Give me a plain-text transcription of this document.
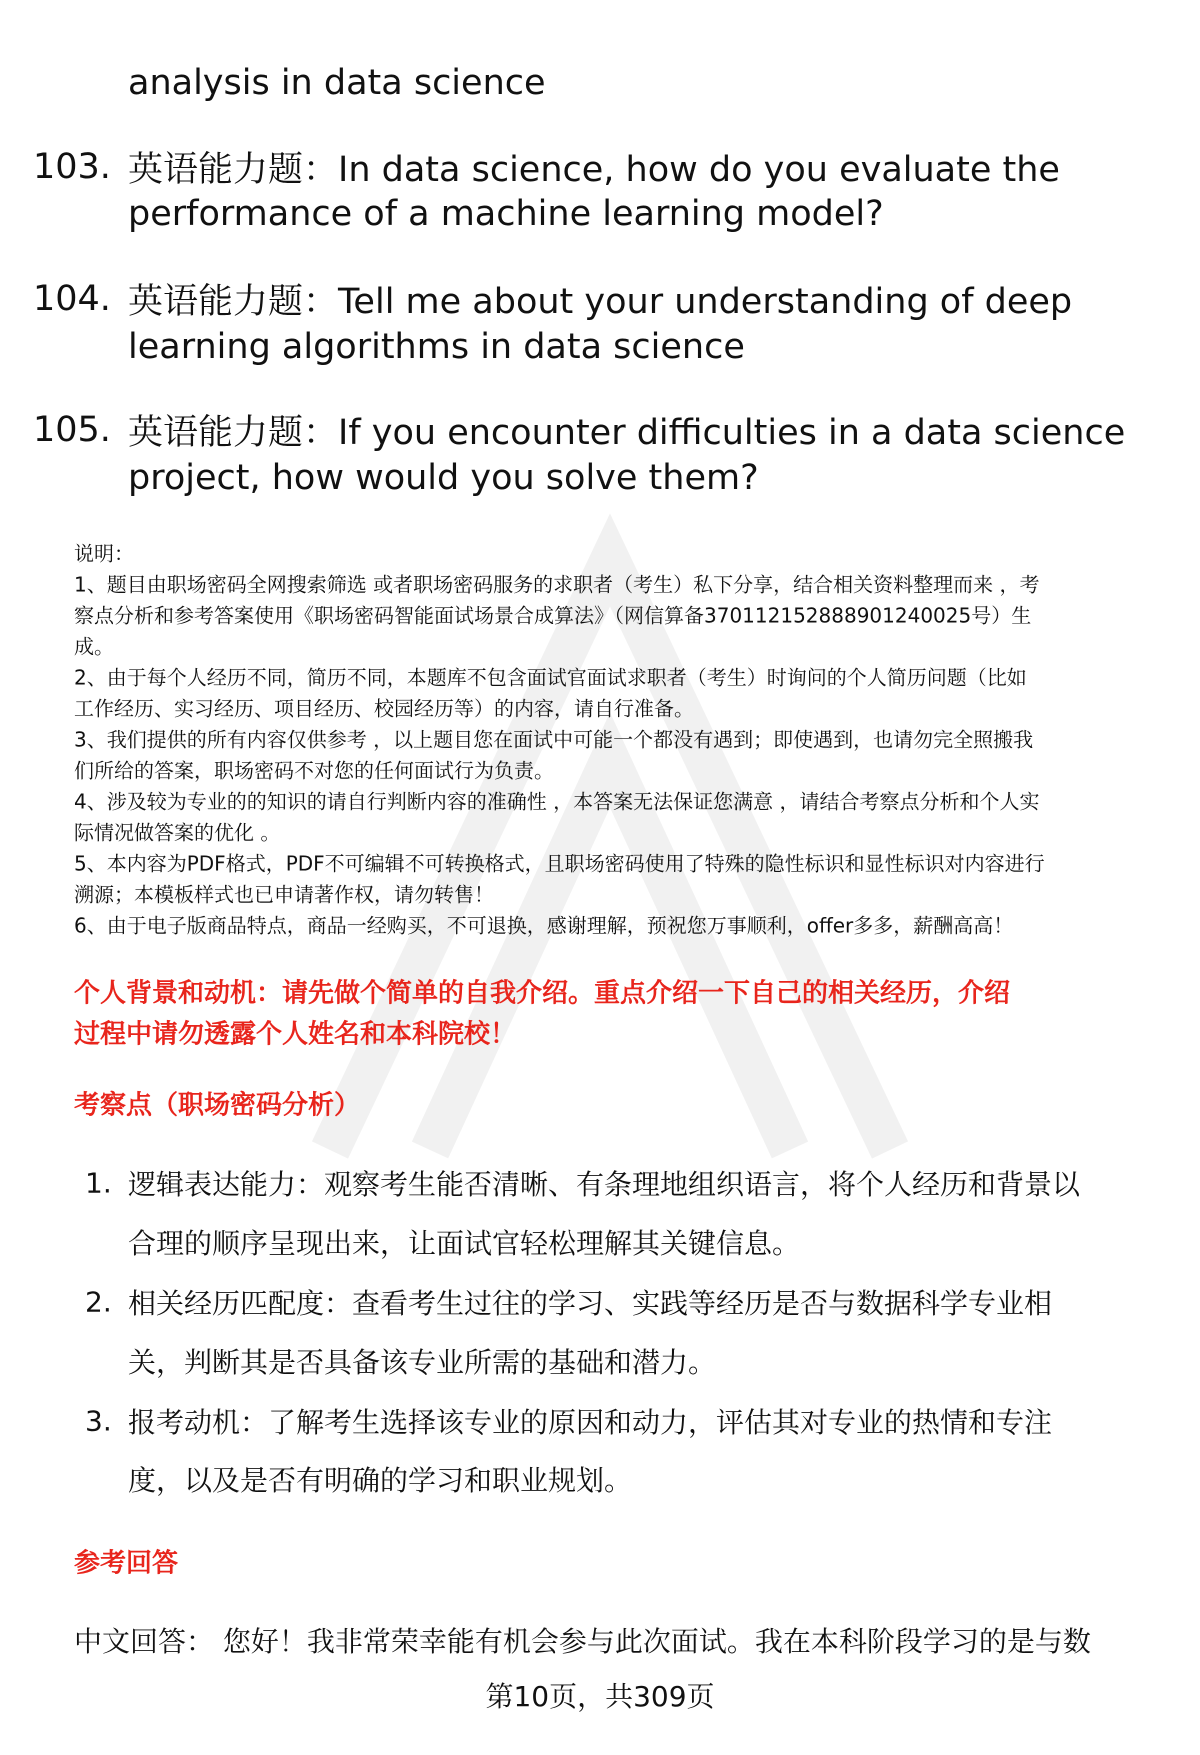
analysis in data science
103. 英语能力题：In data science, how do you evaluate the
performance of a machine learning model?
104. 英语能力题：Tell me about your understanding of deep
learning algorithms in data science
105. 英语能力题：If you encounter difficulties in a data science
project, how would you solve them?
说明：
1、题目由职场密码全网搜索筛选 或者职场密码服务的求职者（考生）私下分享，结合相关资料整理而来 ，考
察点分析和参考答案使用《职场密码智能面试场景合成算法》（网信算备370112152888901240025号）生
成。
2、由于每个人经历不同，简历不同，本题库不包含面试官面试求职者（考生）时询问的个人简历问题（比如
工作经历、实习经历、项目经历、校园经历等）的内容，请自行准备。
3、我们提供的所有内容仅供参考 ，以上题目您在面试中可能一个都没有遇到；即使遇到，也请勿完全照搬我
们所给的答案，职场密码不对您的任何面试行为负责。
4、涉及较为专业的的知识的请自行判断内容的准确性 ，本答案无法保证您满意 ，请结合考察点分析和个人实
际情况做答案的优化 。
5、本内容为PDF格式，PDF不可编辑不可转换格式，且职场密码使用了特殊的隐性标识和显性标识对内容进行
溯源；本模板样式也已申请著作权，请勿转售！
6、由于电子版商品特点，商品一经购买，不可退换，感谢理解，预祝您万事顺利，offer多多，薪酬高高！
个人背景和动机：请先做个简单的自我介绍。重点介绍一下自己的相关经历，介绍
过程中请勿透露个人姓名和本科院校！
考察点（职场密码分析）
1. 逻辑表达能力：观察考生能否清晰、有条理地组织语言，将个人经历和背景以
合理的顺序呈现出来，让面试官轻松理解其关键信息。
2. 相关经历匹配度：查看考生过往的学习、实践等经历是否与数据科学专业相
关，判断其是否具备该专业所需的基础和潜力。
3. 报考动机：了解考生选择该专业的原因和动力，评估其对专业的热情和专注
度，以及是否有明确的学习和职业规划。
参考回答
中文回答： 您好！我非常荣幸能有机会参与此次面试。我在本科阶段学习的是与数
第10页，共309页
